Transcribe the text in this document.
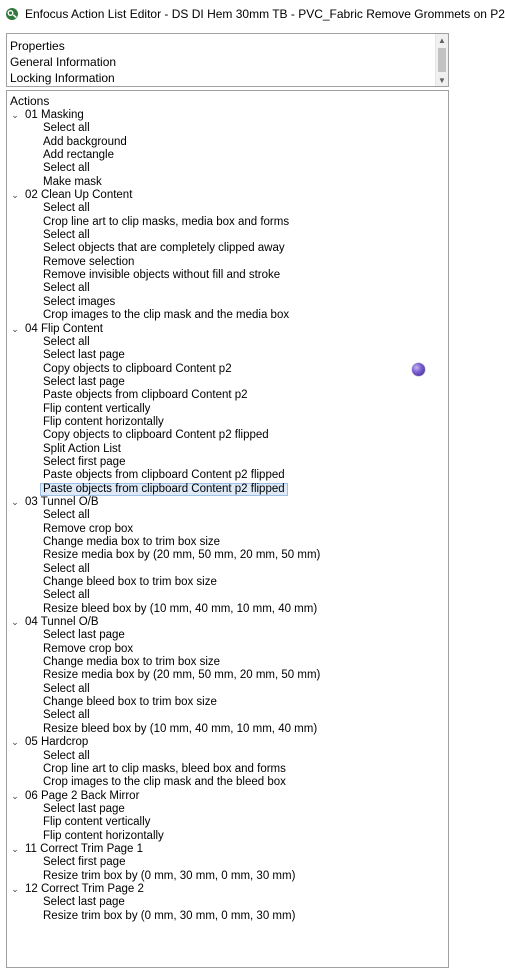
Enfocus Action List Editor - DS DI Hem 30mm TB - PVC_Fabric Remove Grommets on P2
Properties
General Information
Locking Information
▲
▼
Actions
⌄ 01 Masking
Select all
Add background
Add rectangle
Select all
Make mask
⌄ 02 Clean Up Content
Select all
Crop line art to clip masks, media box and forms
Select all
Select objects that are completely clipped away
Remove selection
Remove invisible objects without fill and stroke
Select all
Select images
Crop images to the clip mask and the media box
⌄ 04 Flip Content
Select all
Select last page
Copy objects to clipboard Content p2
Select last page
Paste objects from clipboard Content p2
Flip content vertically
Flip content horizontally
Copy objects to clipboard Content p2 flipped
Split Action List
Select first page
Paste objects from clipboard Content p2 flipped
Paste objects from clipboard Content p2 flipped
⌄ 03 Tunnel O/B
Select all
Remove crop box
Change media box to trim box size
Resize media box by (20 mm, 50 mm, 20 mm, 50 mm)
Select all
Change bleed box to trim box size
Select all
Resize bleed box by (10 mm, 40 mm, 10 mm, 40 mm)
⌄ 04 Tunnel O/B
Select last page
Remove crop box
Change media box to trim box size
Resize media box by (20 mm, 50 mm, 20 mm, 50 mm)
Select all
Change bleed box to trim box size
Select all
Resize bleed box by (10 mm, 40 mm, 10 mm, 40 mm)
⌄ 05 Hardcrop
Select all
Crop line art to clip masks, bleed box and forms
Crop images to the clip mask and the bleed box
⌄ 06 Page 2 Back Mirror
Select last page
Flip content vertically
Flip content horizontally
⌄ 11 Correct Trim Page 1
Select first page
Resize trim box by (0 mm, 30 mm, 0 mm, 30 mm)
⌄ 12 Correct Trim Page 2
Select last page
Resize trim box by (0 mm, 30 mm, 0 mm, 30 mm)
